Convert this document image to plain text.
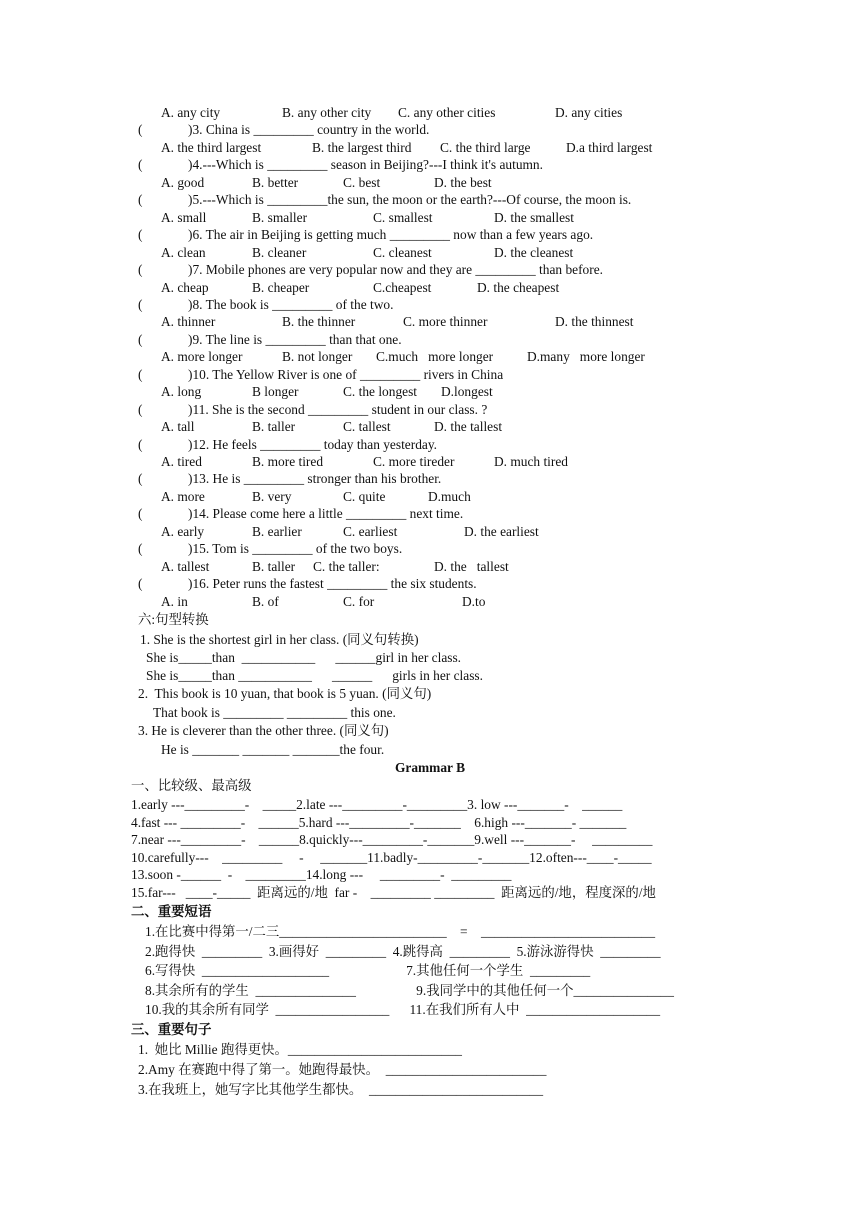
A. any city	B. any other city C. any other cities	D. any cities
(	)3. China is _________ country in the world.
A. the third largest	B. the largest third C. the third large	D.a third largest
(	)4.---Which is _________ season in Beijing?---I think it's autumn.
A. good	B. better	C. best	D. the best
(	)5.---Which is _________the sun, the moon or the earth?---Of course, the moon is.
A. small	B. smaller	C. smallest	D. the smallest
(	)6. The air in Beijing is getting much _________ now than a few years ago.
A. clean	B. cleaner	C. cleanest	D. the cleanest
(	)7. Mobile phones are very popular now and they are _________ than before.
A. cheap	B. cheaper	C.cheapest	D. the cheapest
(	)8. The book is _________ of the two.
A. thinner	B. the thinner	C. more thinner	D. the thinnest
(	)9. The line is _________ than that one.
A. more longer	B. not longer C.much   more longer	D.many   more longer
(	)10. The Yellow River is one of _________ rivers in China
A. long	B longer	C. the longest D.longest
(	)11. She is the second _________ student in our class. ?
A. tall	B. taller	C. tallest	D. the tallest
(	)12. He feels _________ today than yesterday.
A. tired	B. more tired	C. more tireder	D. much tired
(	)13. He is _________ stronger than his brother.
A. more	B. very	C. quite	D.much
(	)14. Please come here a little _________ next time.
A. early	B. earlier	C. earliest	D. the earliest
(	)15. Tom is _________ of the two boys.
A. tallest	B. taller C. the taller:	D. the   tallest
(	)16. Peter runs the fastest _________ the six students.
A. in	B. of	C. for	D.to
六:句型转换
1. She is the shortest girl in her class. (同义句转换)
She is_____than  ___________      ______girl in her class.
She is_____than ___________      ______      girls in her class.
2.  This book is 10 yuan, that book is 5 yuan. (同义句)
That book is _________ _________ this one.
3. He is cleverer than the other three. (同义句)
He is _______ _______ _______the four.
Grammar B
一、比较级、最高级
1.early ---_________-    _____2.late ---_________-_________3. low ---_______-    ______
4.fast --- _________-    ______5.hard ---_________-_______    6.high ---_______- _______
7.near ---_________-    ______8.quickly---_________-_______9.well ---_______-     _________
10.carefully---    _________     -     _______11.badly-_________-_______12.often---____-_____
13.soon -______  -    _________14.long ---     _________-  _________
15.far---   ____-_____  距离远的/地  far -    _________ _________  距离远的/地，程度深的/地
二、重要短语
1.在比赛中得第一/二三_________________________    =    __________________________
2.跑得快  _________  3.画得好  _________  4.跳得高  _________  5.游泳游得快  _________
6.写得快  ___________________                       7.其他任何一个学生  _________
8.其余所有的学生  _______________                  9.我同学中的其他任何一个_______________
10.我的其余所有同学  _________________      11.在我们所有人中  ____________________
三、重要句子
1.  她比 Millie 跑得更快。__________________________
2.Amy 在赛跑中得了第一。她跑得最快。  ________________________
3.在我班上，她写字比其他学生都快。  __________________________
